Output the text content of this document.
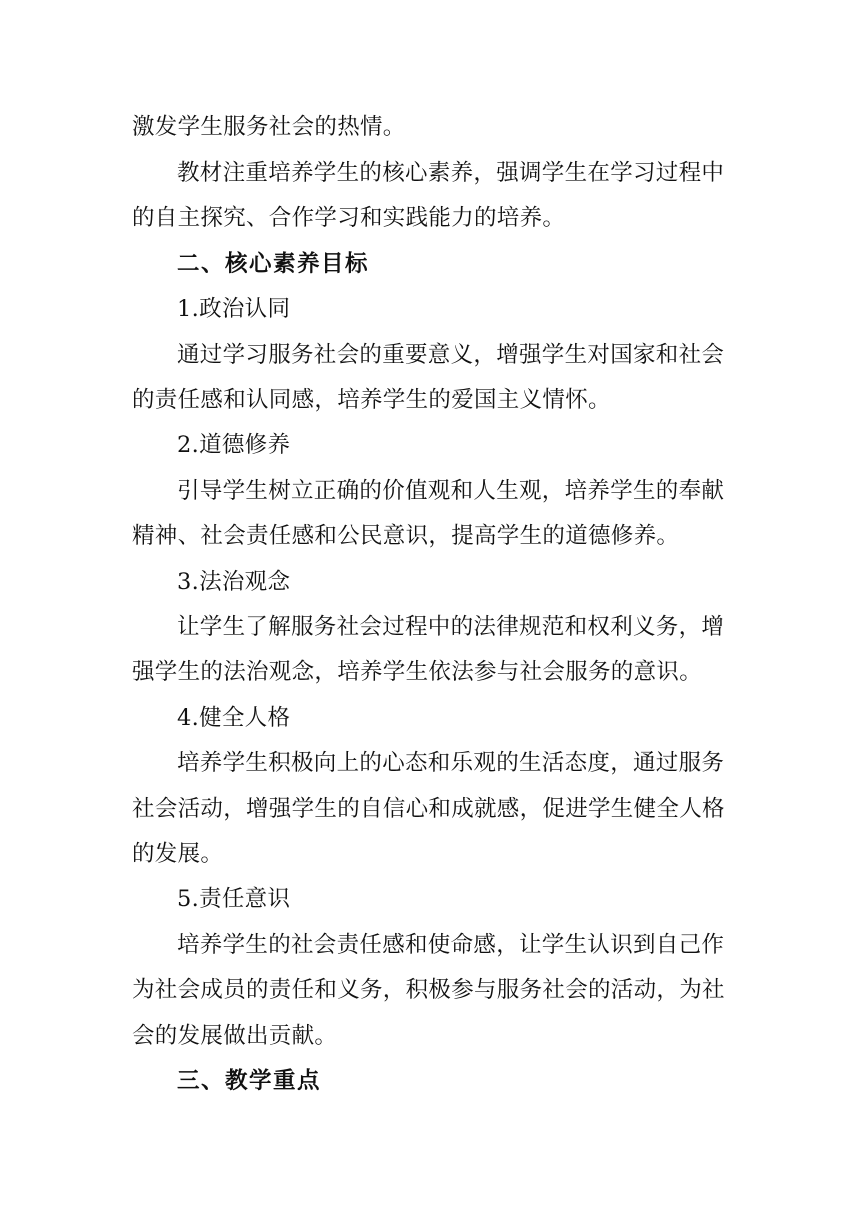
激发学生服务社会的热情。
教材注重培养学生的核心素养，强调学生在学习过程中
的自主探究、合作学习和实践能力的培养。
二、核心素养目标
1.政治认同
通过学习服务社会的重要意义，增强学生对国家和社会
的责任感和认同感，培养学生的爱国主义情怀。
2.道德修养
引导学生树立正确的价值观和人生观，培养学生的奉献
精神、社会责任感和公民意识，提高学生的道德修养。
3.法治观念
让学生了解服务社会过程中的法律规范和权利义务，增
强学生的法治观念，培养学生依法参与社会服务的意识。
4.健全人格
培养学生积极向上的心态和乐观的生活态度，通过服务
社会活动，增强学生的自信心和成就感，促进学生健全人格
的发展。
5.责任意识
培养学生的社会责任感和使命感，让学生认识到自己作
为社会成员的责任和义务，积极参与服务社会的活动，为社
会的发展做出贡献。
三、教学重点
